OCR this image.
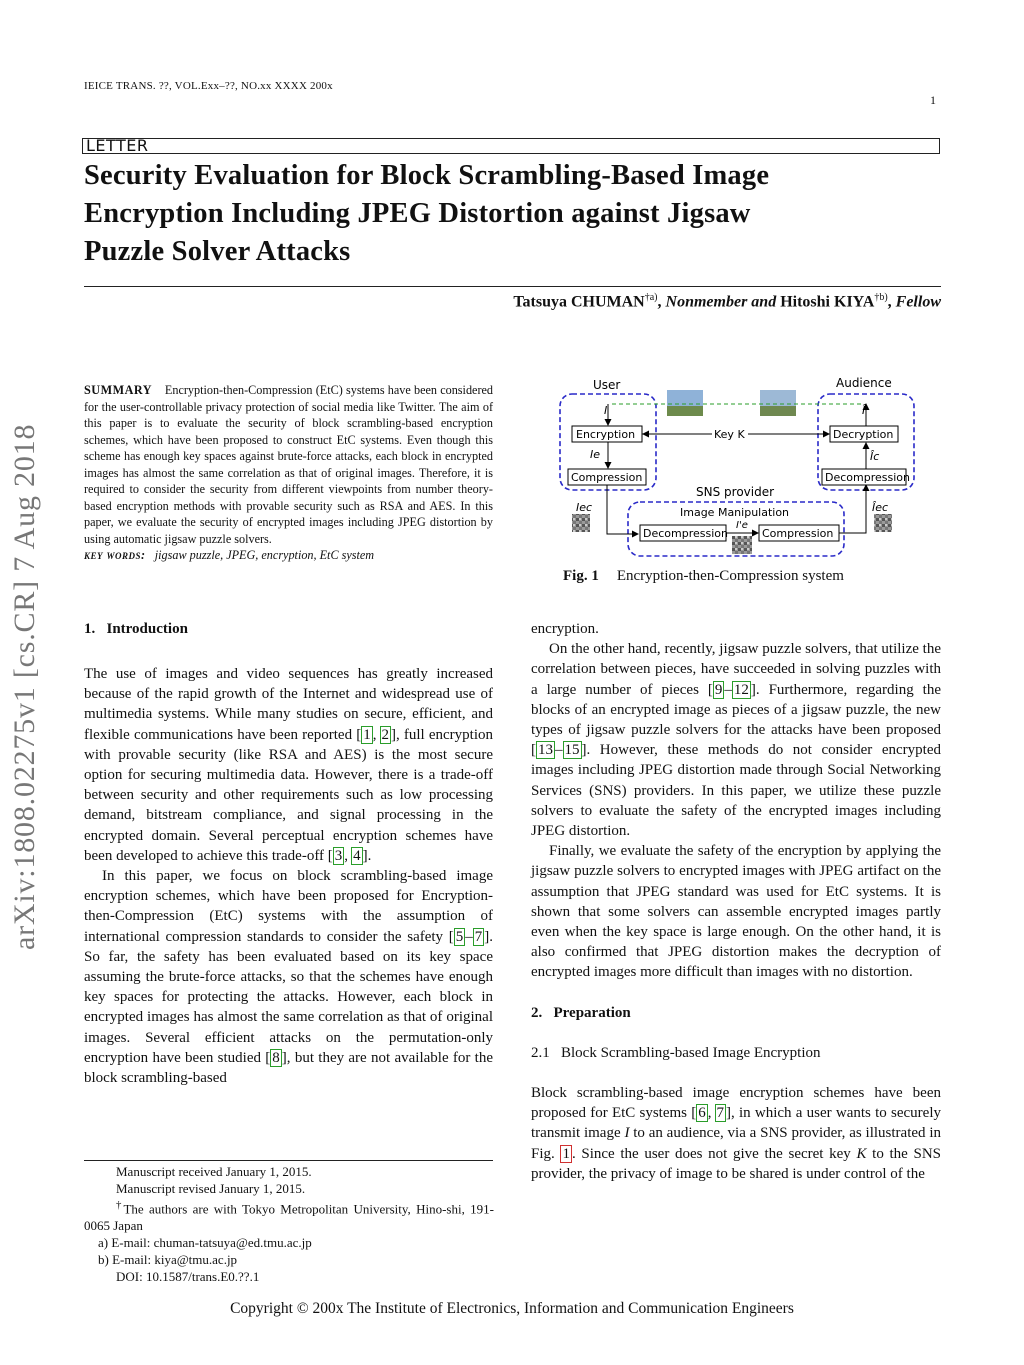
IEICE TRANS. ??, VOL.Exx–??, NO.xx XXXX 200x
1
LETTER
Security Evaluation for Block Scrambling-Based Image
Encryption Including JPEG Distortion against Jigsaw
Puzzle Solver Attacks
Tatsuya CHUMAN$^{\dagger a)}$, Nonmember and Hitoshi KIYA$^{\dagger b)}$, Fellow
arXiv:1808.02275v1 [cs.CR] 7 Aug 2018
SUMMARY Encryption-then-Compression (EtC) systems have been considered for the user-controllable privacy protection of social media like Twitter. The aim of this paper is to evaluate the security of block scrambling-based encryption schemes, which have been proposed to construct EtC systems. Even though this scheme has enough key spaces against brute-force attacks, each block in encrypted images has almost the same correlation as that of original images. Therefore, it is required to consider the security from different viewpoints from number theory-based encryption methods with provable security such as RSA and AES. In this paper, we evaluate the security of encrypted images including JPEG distortion by using automatic jigsaw puzzle solvers.
key words: jigsaw puzzle, JPEG, encryption, EtC system
1. Introduction

The use of images and video sequences has greatly increased because of the rapid growth of the Internet and widespread use of multimedia systems. While many studies on secure, efficient, and flexible communications have been reported [ 1 , 2 ], full encryption with provable security (like RSA and AES) is the most secure option for securing multimedia data. However, there is a trade-off between security and other requirements such as low processing demand, bitstream compliance, and signal processing in the encrypted domain. Several perceptual encryption schemes have been developed to achieve this trade-off [ 3 , 4 ].

In this paper, we focus on block scrambling-based image encryption schemes, which have been proposed for Encryption-then-Compression (EtC) systems with the assumption of international compression standards to consider the safety [ 5 – 7 ]. So far, the safety has been evaluated based on its key space assuming the brute-force attacks, so that the schemes have enough key spaces for protecting the attacks. However, each block in encrypted images has almost the same correlation as that of original images. Several efficient attacks on the permutation-only encryption have been studied [ 8 ], but they are not available for the block scrambling-based

Manuscript received January 1, 2015.
Manuscript revised January 1, 2015.
†The authors are with Tokyo Metropolitan University, Hino-shi, 191-0065 Japan
a) E-mail: chuman-tatsuya@ed.tmu.ac.jp
b) E-mail: kiya@tmu.ac.jp
DOI: 10.1587/trans.E0.??.1
User	Audience
SNS provider
Image Manipulation
I
Encryption
Ie
Compression
Iec
Decompression
I'e
Compression
Îec
Decompression
Îc
Decryption
Î
Key K
Fig. 1 Encryption-then-Compression system

encryption.

On the other hand, recently, jigsaw puzzle solvers, that utilize the correlation between pieces, have succeeded in solving puzzles with a large number of pieces [ 9 – 12 ]. Furthermore, regarding the blocks of an encrypted image as pieces of a jigsaw puzzle, the new types of jigsaw puzzle solvers for the attacks have been proposed [ 13 – 15 ]. However, these methods do not consider encrypted images including JPEG distortion made through Social Networking Services (SNS) providers. In this paper, we utilize these puzzle solvers to evaluate the safety of the encrypted images including JPEG distortion.

Finally, we evaluate the safety of the encryption by applying the jigsaw puzzle solvers to encrypted images with JPEG artifact on the assumption that JPEG standard was used for EtC systems. It is shown that some solvers can assemble encrypted images partly even when the key space is large enough. On the other hand, it is also confirmed that JPEG distortion makes the decryption of encrypted images more difficult than images with no distortion.

2. Preparation
2.1   Block Scrambling-based Image Encryption

Block scrambling-based image encryption schemes have been proposed for EtC systems [ 6 , 7 ], in which a user wants to securely transmit image I to an audience, via a SNS provider, as illustrated in Fig. 1 . Since the user does not give the secret key K to the SNS provider, the privacy of image to be shared is under control of the

Copyright © 200x The Institute of Electronics, Information and Communication Engineers
